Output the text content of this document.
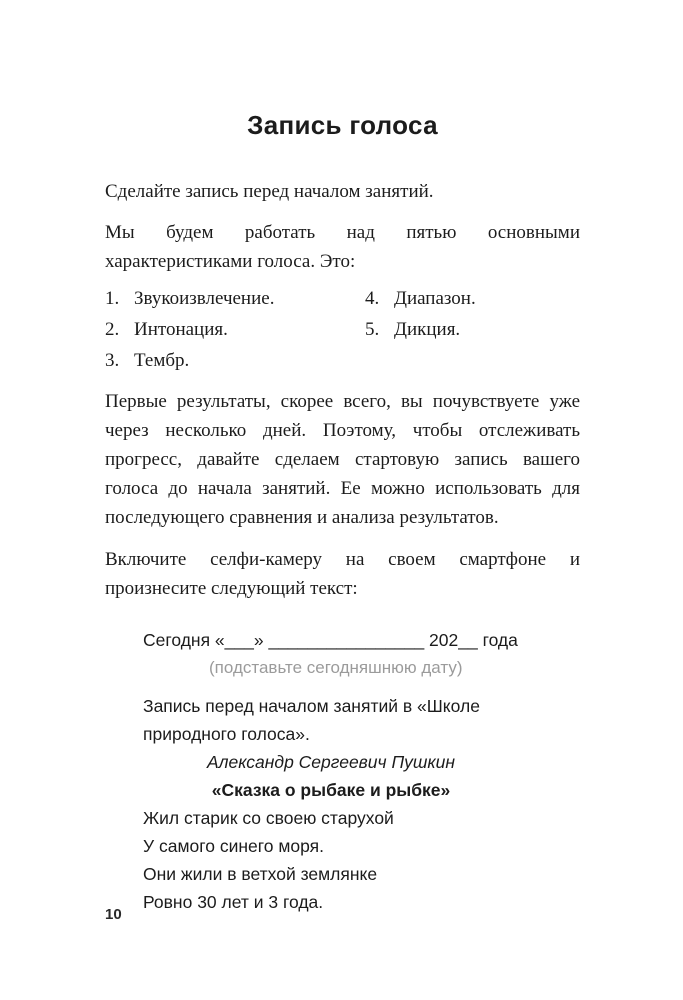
Запись голоса
Сделайте запись перед началом занятий.
Мы будем работать над пятью основными характеристиками голоса. Это:
1. Звукоизвлечение.
2. Интонация.
3. Тембр.
4. Диапазон.
5. Дикция.
Первые результаты, скорее всего, вы почувствуете уже через несколько дней. Поэтому, чтобы отслеживать прогресс, давайте сделаем стартовую запись вашего голоса до начала занятий. Ее можно использовать для последующего сравнения и анализа результатов.
Включите селфи-камеру на своем смартфоне и произнесите следующий текст:
Сегодня «___» ________________ 202__ года
(подставьте сегодняшнюю дату)
Запись перед началом занятий в «Школе природного голоса».
Александр Сергеевич Пушкин
«Сказка о рыбаке и рыбке»
Жил старик со своею старухой
У самого синего моря.
Они жили в ветхой землянке
Ровно 30 лет и 3 года.
10
